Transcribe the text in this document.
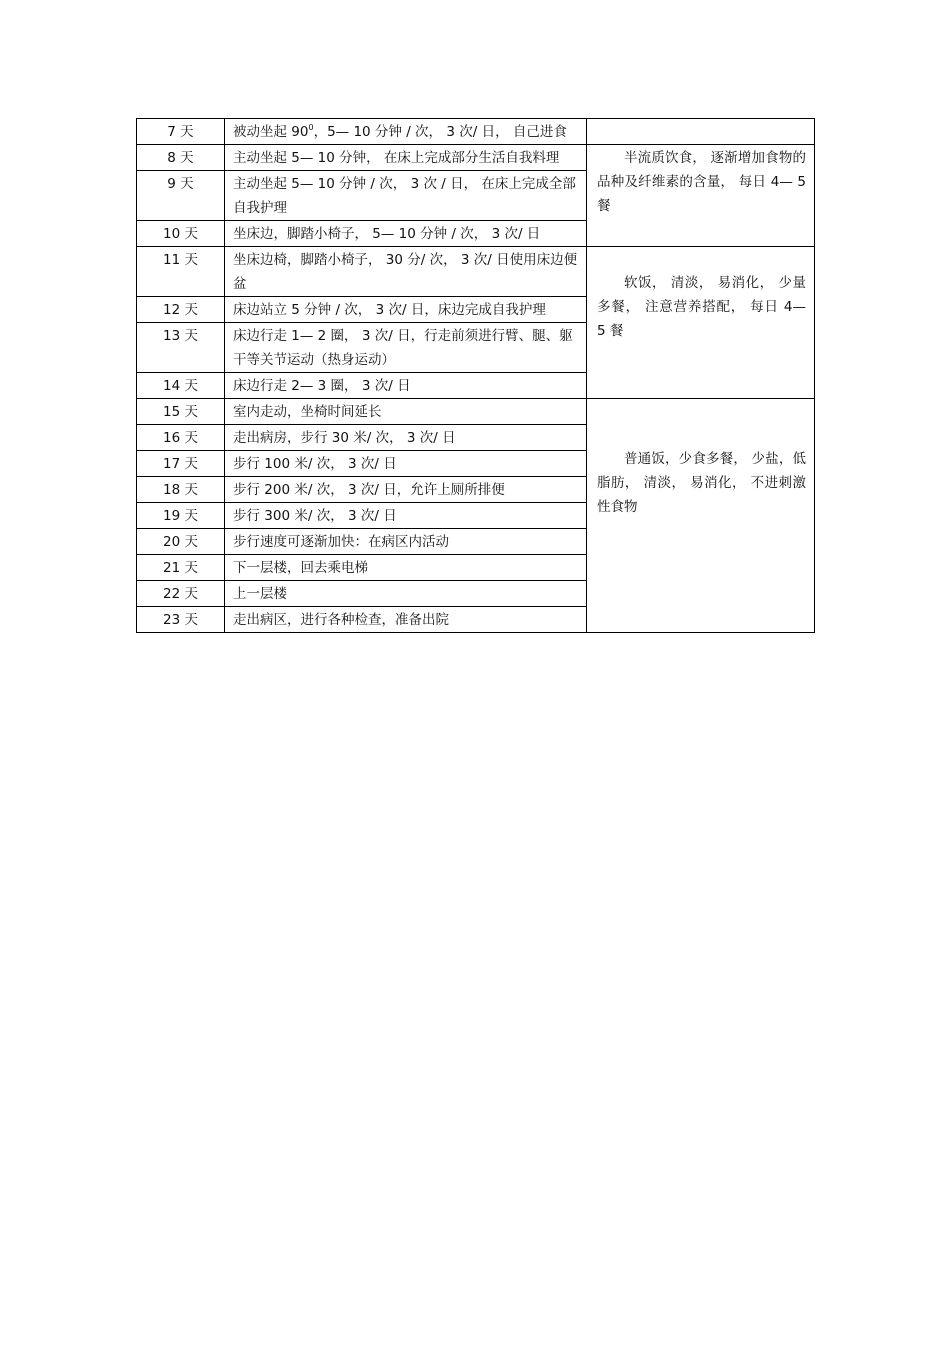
7 天	被动坐起 $90^0$，5— 10 分钟 / 次， 3 次/ 日， 自己进食	
8 天	主动坐起 5— 10 分钟， 在床上完成部分生活自我料理	半流质饮食， 逐渐增加食物的品种及纤维素的含量， 每日 4— 5 餐
9 天	主动坐起 5— 10 分钟 / 次， 3 次 / 日， 在床上完成全部自我护理	
10 天	坐床边，脚踏小椅子， 5— 10 分钟 / 次， 3 次/ 日	
11 天	坐床边椅，脚踏小椅子， 30 分/ 次， 3 次/ 日使用床边便盆	软饭， 清淡， 易消化， 少量多餐， 注意营养搭配， 每日 4— 5 餐
12 天	床边站立 5 分钟 / 次， 3 次/ 日，床边完成自我护理	
13 天	床边行走 1— 2 圈， 3 次/ 日，行走前须进行臂、腿、躯干等关节运动（热身运动）	
14 天	床边行走 2— 3 圈， 3 次/ 日	
15 天	室内走动，坐椅时间延长	普通饭，少食多餐， 少盐，低脂肪， 清淡， 易消化， 不进刺激性食物
16 天	走出病房，步行 30 米/ 次， 3 次/ 日	
17 天	步行 100 米/ 次， 3 次/ 日	
18 天	步行 200 米/ 次， 3 次/ 日，允许上厕所排便	
19 天	步行 300 米/ 次， 3 次/ 日	
20 天	步行速度可逐渐加快：在病区内活动	
21 天	下一层楼，回去乘电梯	
22 天	上一层楼	
23 天	走出病区，进行各种检查，准备出院	
